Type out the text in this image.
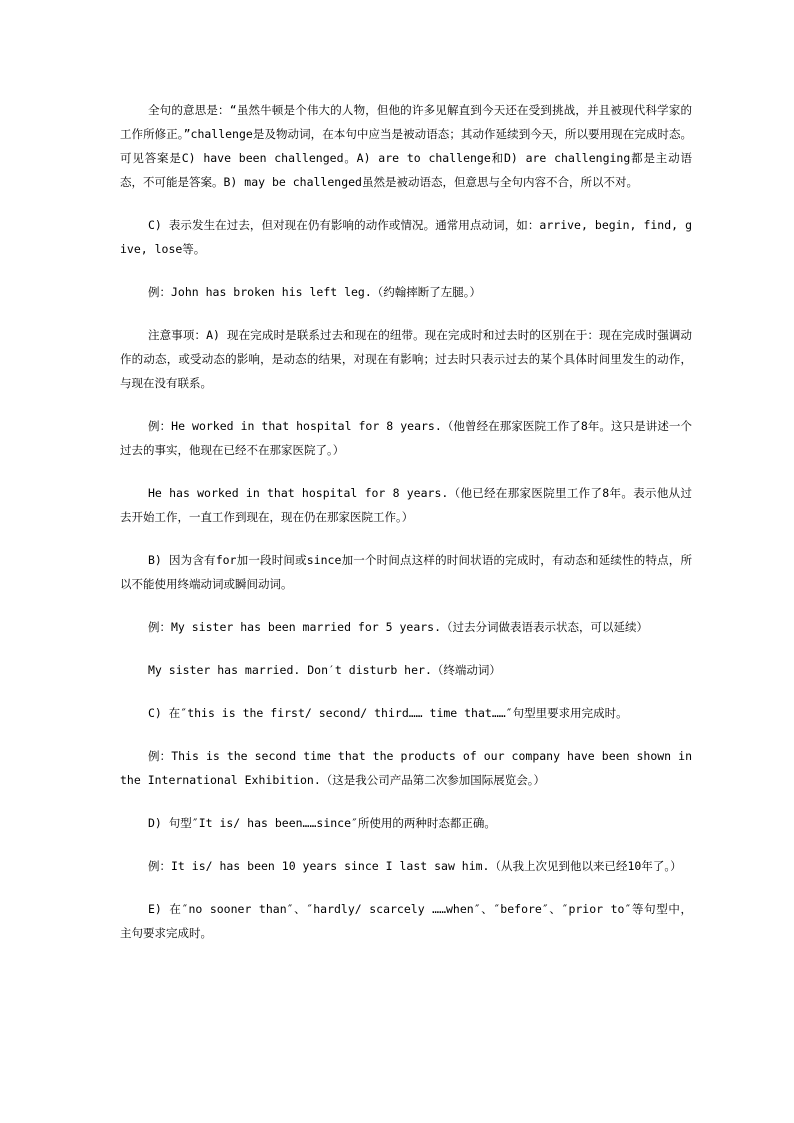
全句的意思是：“虽然牛顿是个伟大的人物，但他的许多见解直到今天还在受到挑战，并且被现代科学家的工作所修正。”challenge是及物动词，在本句中应当是被动语态；其动作延续到今天，所以要用现在完成时态。可见答案是C) have been challenged。A) are to challenge和D) are challenging都是主动语态，不可能是答案。B) may be challenged虽然是被动语态，但意思与全句内容不合，所以不对。

C) 表示发生在过去，但对现在仍有影响的动作或情况。通常用点动词，如：arrive, begin, find, give, lose等。

例：John has broken his left leg.（约翰摔断了左腿。）

注意事项：A) 现在完成时是联系过去和现在的纽带。现在完成时和过去时的区别在于：现在完成时强调动作的动态，或受动态的影响，是动态的结果，对现在有影响；过去时只表示过去的某个具体时间里发生的动作，与现在没有联系。

例：He worked in that hospital for 8 years.（他曾经在那家医院工作了8年。这只是讲述一个过去的事实，他现在已经不在那家医院了。）

He has worked in that hospital for 8 years.（他已经在那家医院里工作了8年。表示他从过去开始工作，一直工作到现在，现在仍在那家医院工作。）

B) 因为含有for加一段时间或since加一个时间点这样的时间状语的完成时，有动态和延续性的特点，所以不能使用终端动词或瞬间动词。

例：My sister has been married for 5 years.（过去分词做表语表示状态，可以延续）

My sister has married. Don′t disturb her.（终端动词）

C) 在″this is the first/ second/ third…… time that……″句型里要求用完成时。

例：This is the second time that the products of our company have been shown in the International Exhibition.（这是我公司产品第二次参加国际展览会。）

D) 句型″It is/ has been……since″所使用的两种时态都正确。

例：It is/ has been 10 years since I last saw him.（从我上次见到他以来已经10年了。）

E) 在″no sooner than″、″hardly/ scarcely ……when″、″before″、″prior to″等句型中，主句要求完成时。
